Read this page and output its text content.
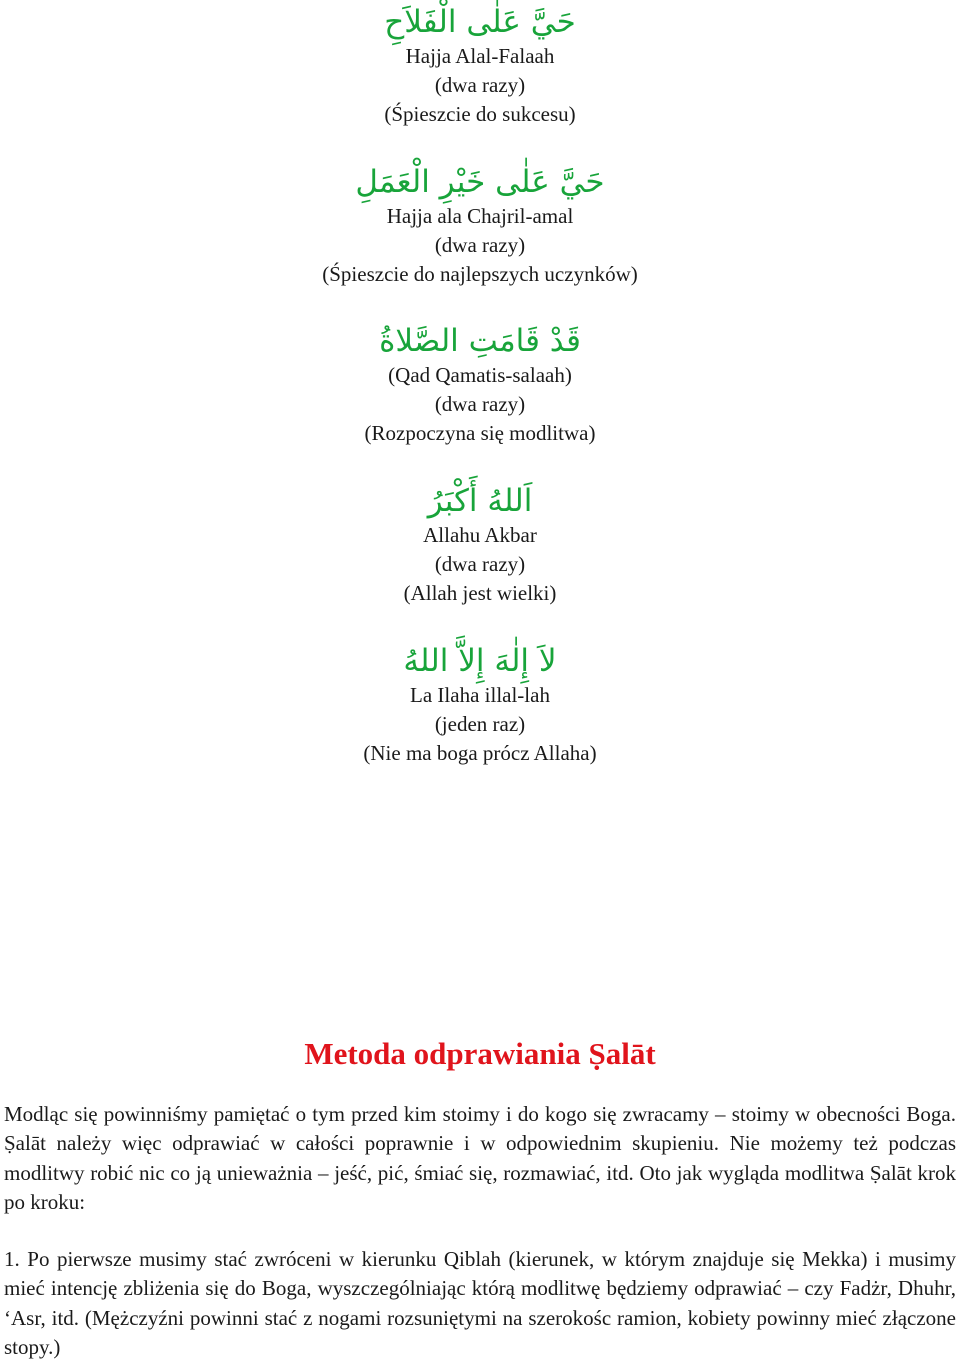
حَيَّ عَلٰى الْفَلاَحِ
Hajja Alal-Falaah
(dwa razy)
(Śpieszcie do sukcesu)
حَيَّ عَلٰى خَيْرِ الْعَمَلِ
Hajja ala Chajril-amal
(dwa razy)
(Śpieszcie do najlepszych uczynków)
قَدْ قَامَتِ الصَّلاةُ
(Qad Qamatis-salaah)
(dwa razy)
(Rozpoczyna się modlitwa)
اَللهُ أَكْبَرُ
Allahu Akbar
(dwa razy)
(Allah jest wielki)
لاَ إِلٰهَ إِلاَّ اللهُ
La Ilaha illal-lah
(jeden raz)
(Nie ma boga prócz Allaha)
Metoda odprawiania Ṣalāt

Modląc się powinniśmy pamiętać o tym przed kim stoimy i do kogo się zwracamy – stoimy w obecności Boga. Ṣalāt należy więc odprawiać w całości poprawnie i w odpowiednim skupieniu. Nie możemy też podczas modlitwy robić nic co ją unieważnia – jeść, pić, śmiać się, rozmawiać, itd. Oto jak wygląda modlitwa Ṣalāt krok po kroku:

1. Po pierwsze musimy stać zwróceni w kierunku Qiblah (kierunek, w którym znajduje się Mekka) i musimy mieć intencję zbliżenia się do Boga, wyszczególniając którą modlitwę będziemy odprawiać – czy Fadżr, Dhuhr, ‘Asr, itd. (Mężczyźni powinni stać z nogami rozsuniętymi na szerokośc ramion, kobiety powinny mieć złączone stopy.)
